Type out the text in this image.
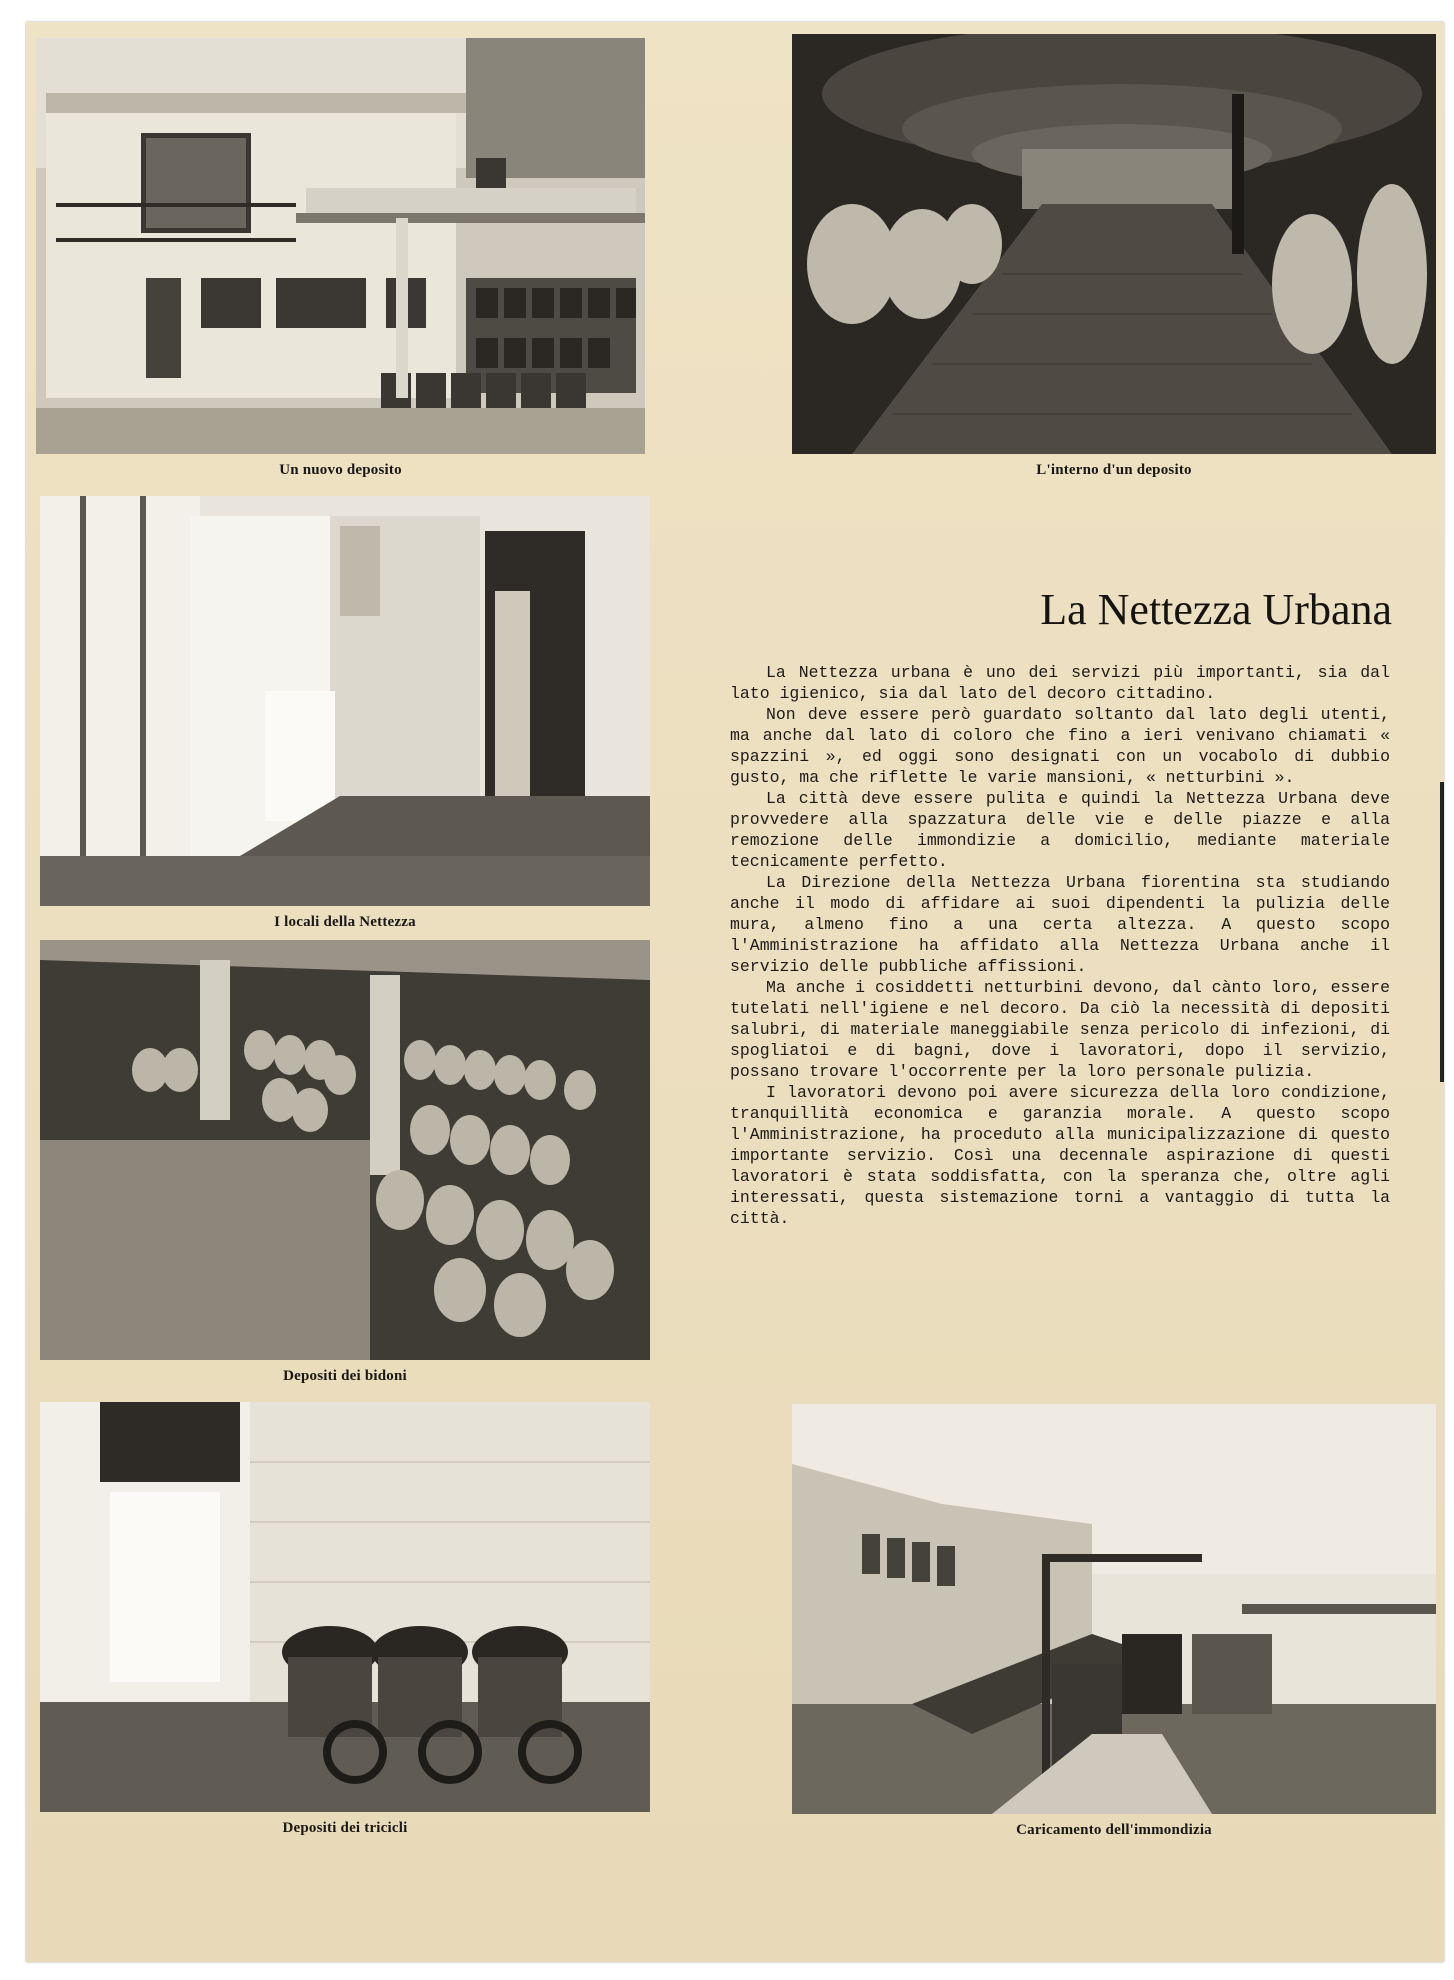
Un nuovo deposito	L'interno d'un deposito
I locali della Nettezza
Depositi dei bidoni
Depositi dei tricicli	Caricamento dell'immondizia
La Nettezza Urbana

La Nettezza urbana è uno dei servizi più importanti, sia dal lato igienico, sia dal lato del decoro cittadino.

Non deve essere però guardato soltanto dal lato degli utenti, ma anche dal lato di coloro che fino a ieri venivano chiamati « spazzini », ed oggi sono designati con un vocabolo di dubbio gusto, ma che riflette le varie mansioni, « netturbini ».

La città deve essere pulita e quindi la Nettezza Urbana deve provvedere alla spazzatura delle vie e delle piazze e alla remozione delle immondizie a domicilio, mediante materiale tecnicamente perfetto.

La Direzione della Nettezza Urbana fiorentina sta studiando anche il modo di affidare ai suoi dipendenti la pulizia delle mura, almeno fino a una certa altezza. A questo scopo l'Amministrazione ha affidato alla Nettezza Urbana anche il servizio delle pubbliche affissioni.

Ma anche i cosiddetti netturbini devono, dal cànto loro, essere tutelati nell'igiene e nel decoro. Da ciò la necessità di depositi salubri, di materiale maneggiabile senza pericolo di infezioni, di spogliatoi e di bagni, dove i lavoratori, dopo il servizio, possano trovare l'occorrente per la loro personale pulizia.

I lavoratori devono poi avere sicurezza della loro condizione, tranquillità economica e garanzia morale. A questo scopo l'Amministrazione, ha proceduto alla municipalizzazione di questo importante servizio. Così una decennale aspirazione di questi lavoratori è stata soddisfatta, con la speranza che, oltre agli interessati, questa sistemazione torni a vantaggio di tutta la città.
